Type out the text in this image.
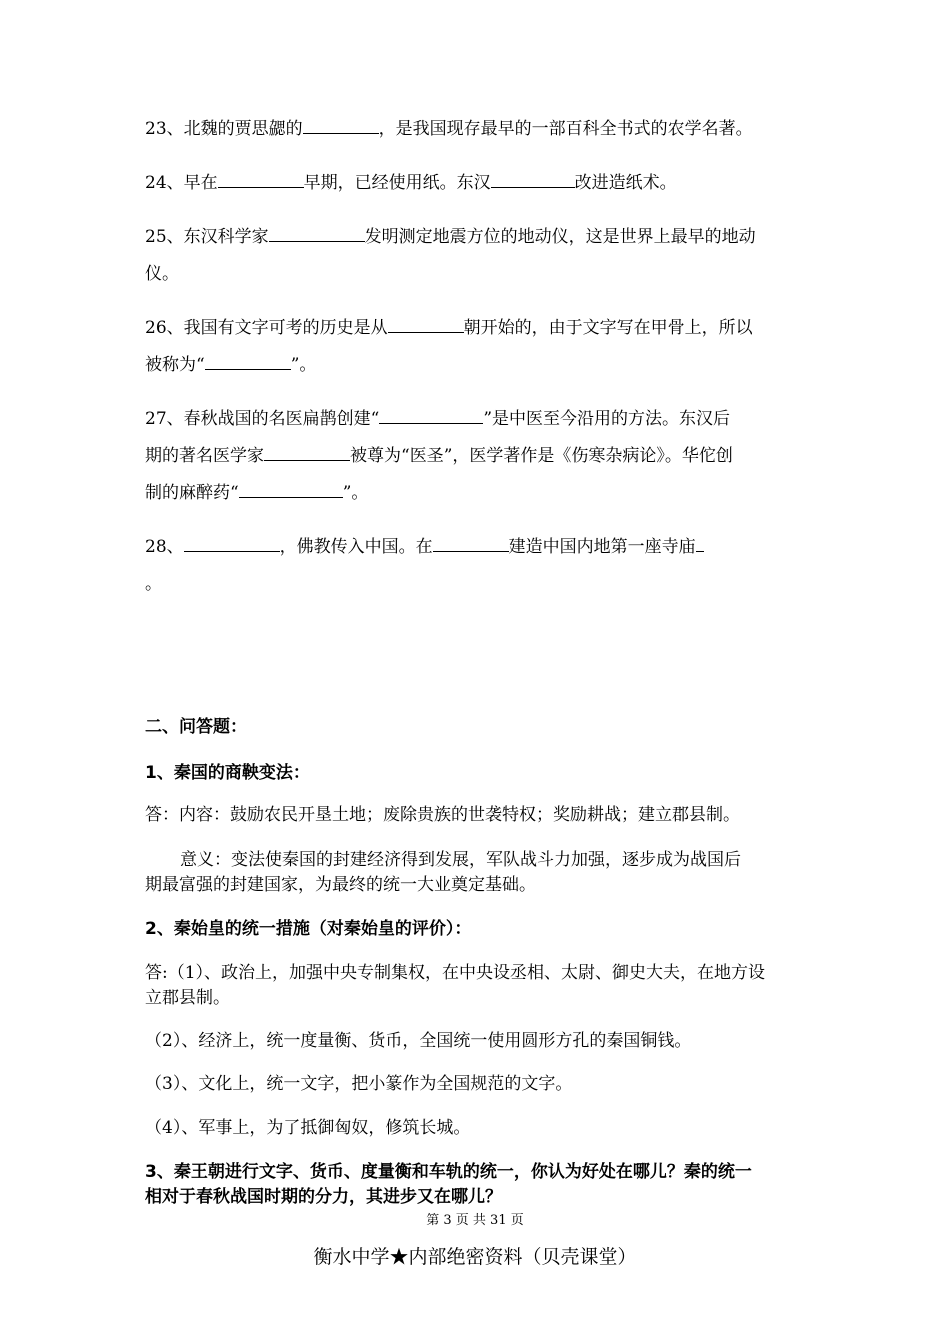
23、北魏的贾思勰的	，是我国现存最早的一部百科全书式的农学名著。
24、早在	早期，已经使用纸。东汉	改进造纸术。
25、东汉科学家	发明测定地震方位的地动仪，这是世界上最早的地动
仪。
26、我国有文字可考的历史是从	朝开始的，由于文字写在甲骨上，所以
被称为“	”。
27、春秋战国的名医扁鹊创建“	”是中医至今沿用的方法。东汉后
期的著名医学家	被尊为“医圣”，医学著作是《伤寒杂病论》。华佗创
制的麻醉药“	”。
28、	，佛教传入中国。在	建造中国内地第一座寺庙
。
二、问答题：
1、秦国的商鞅变法：
答：内容：鼓励农民开垦土地；废除贵族的世袭特权；奖励耕战；建立郡县制。
意义：变法使秦国的封建经济得到发展，军队战斗力加强，逐步成为战国后
期最富强的封建国家，为最终的统一大业奠定基础。
2、秦始皇的统一措施（对秦始皇的评价）：
答:（1）、政治上，加强中央专制集权，在中央设丞相、太尉、御史大夫，在地方设
立郡县制。
（2）、经济上，统一度量衡、货币，全国统一使用圆形方孔的秦国铜钱。
（3）、文化上，统一文字，把小篆作为全国规范的文字。
（4）、军事上，为了抵御匈奴，修筑长城。
3、秦王朝进行文字、货币、度量衡和车轨的统一，你认为好处在哪儿？秦的统一
相对于春秋战国时期的分力，其进步又在哪儿？
第 3 页 共 31 页
衡水中学★内部绝密资料（贝壳课堂）
